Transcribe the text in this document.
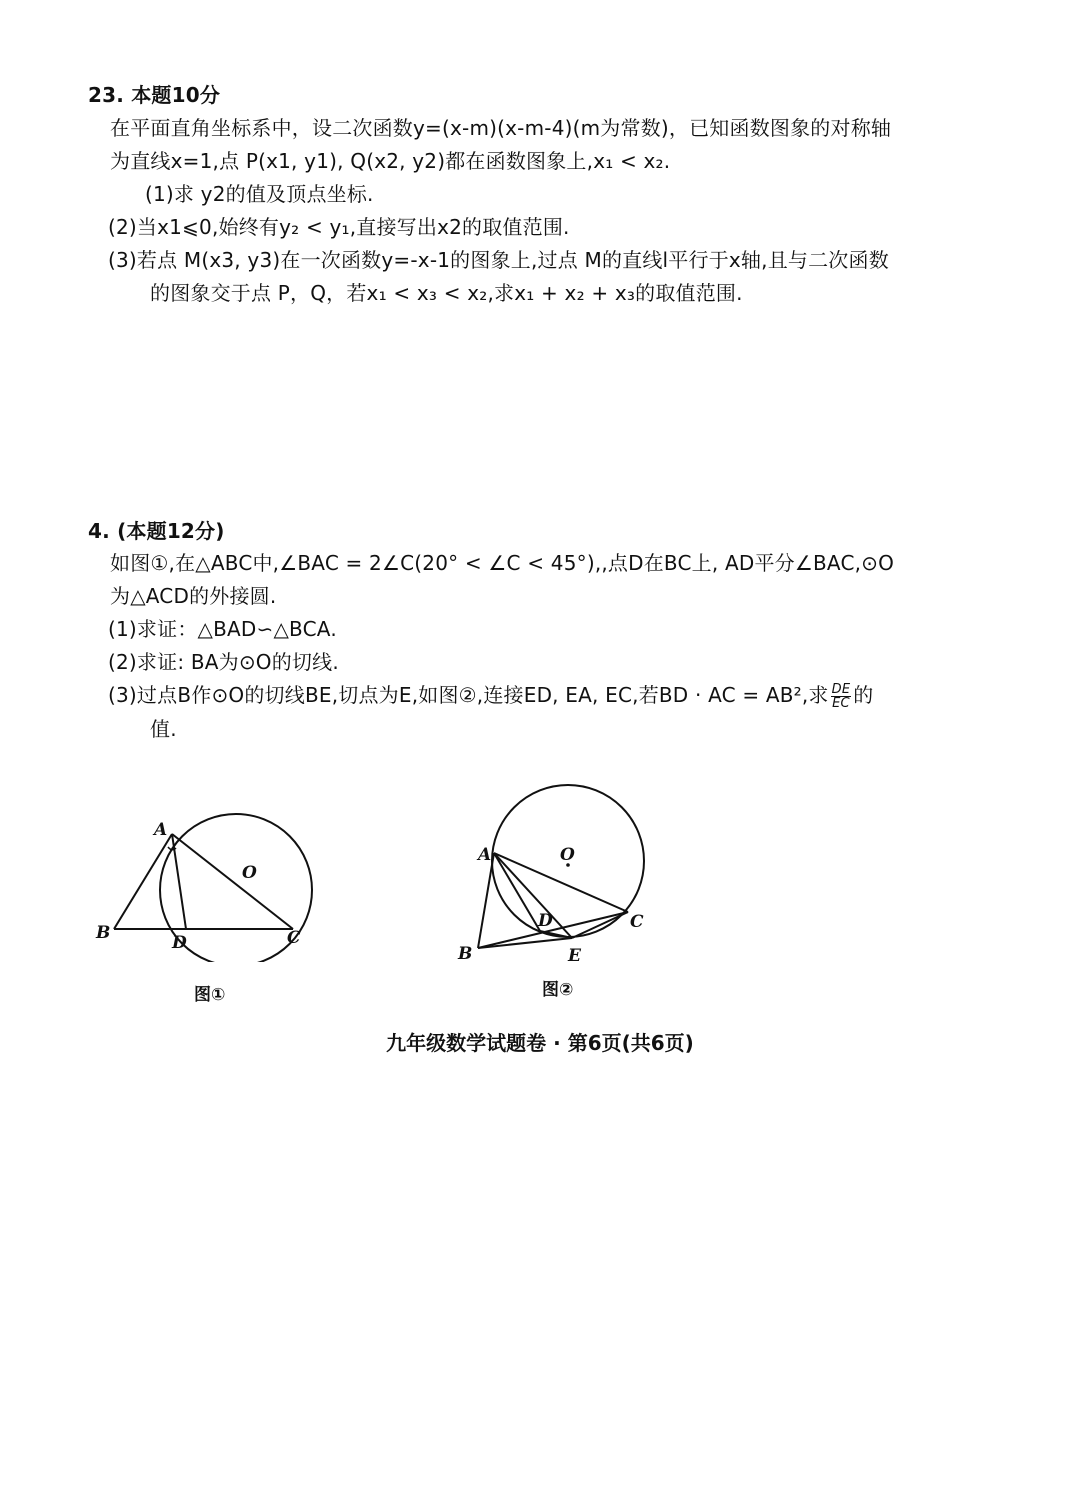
23. 本题10分
在平面直角坐标系中，设二次函数y=(x-m)(x-m-4)(m为常数)，已知函数图象的对称轴
为直线x=1,点 P(x1, y1), Q(x2, y2)都在函数图象上,x₁ < x₂.
(1)求 y2的值及顶点坐标.
(2)当x1⩽0,始终有y₂ < y₁,直接写出x2的取值范围.
(3)若点 M(x3, y3)在一次函数y=-x-1的图象上,过点 M的直线l平行于x轴,且与二次函数
的图象交于点 P，Q，若x₁ < x₃ < x₂,求x₁ + x₂ + x₃的取值范围.
4. (本题12分)
如图①,在△ABC中,∠BAC = 2∠C(20° < ∠C < 45°),,点D在BC上, AD平分∠BAC,⊙O
为△ACD的外接圆.
(1)求证：△BAD∽△BCA.
(2)求证: BA为⊙O的切线.
(3)过点B作⊙O的切线BE,切点为E,如图②,连接ED, EA, EC,若BD · AC = AB²,求 $\frac{DE}{EC}$ 的
值.
A
B	C
D
O
图①
A
B
C
D
E
O
图②
九年级数学试题卷 · 第6页(共6页)
